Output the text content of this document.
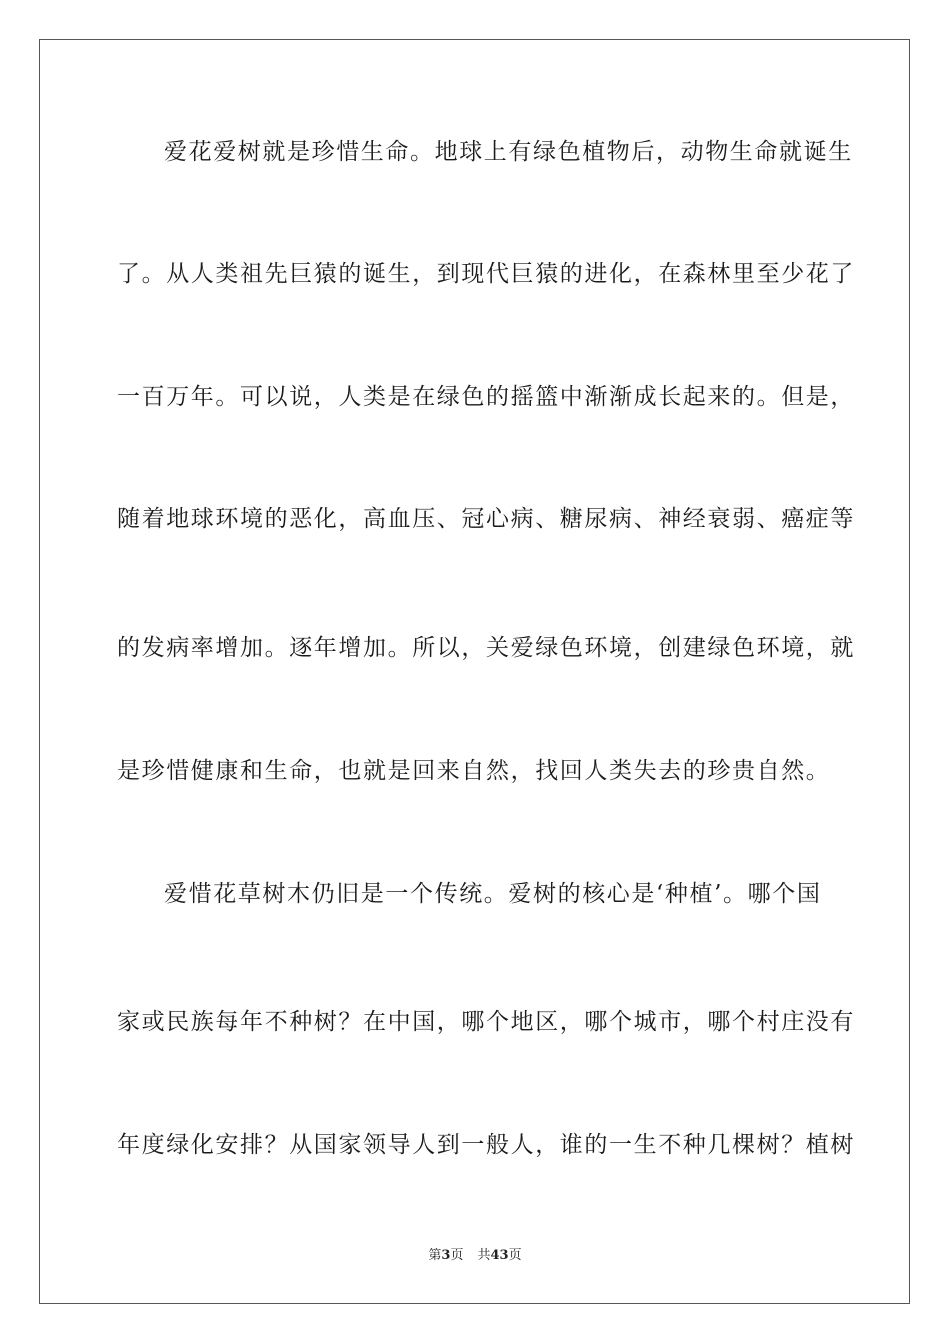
爱花爱树就是珍惜生命。地球上有绿色植物后，动物生命就诞生
了。从人类祖先巨猿的诞生，到现代巨猿的进化，在森林里至少花了
一百万年。可以说，人类是在绿色的摇篮中渐渐成长起来的。但是，
随着地球环境的恶化，高血压、冠心病、糖尿病、神经衰弱、癌症等
的发病率增加。逐年增加。所以，关爱绿色环境，创建绿色环境，就
是珍惜健康和生命，也就是回来自然，找回人类失去的珍贵自然。
爱惜花草树木仍旧是一个传统。爱树的核心是‘种植’。哪个国
家或民族每年不种树？在中国，哪个地区，哪个城市，哪个村庄没有
年度绿化安排？从国家领导人到一般人，谁的一生不种几棵树？植树
第3页 共43页
